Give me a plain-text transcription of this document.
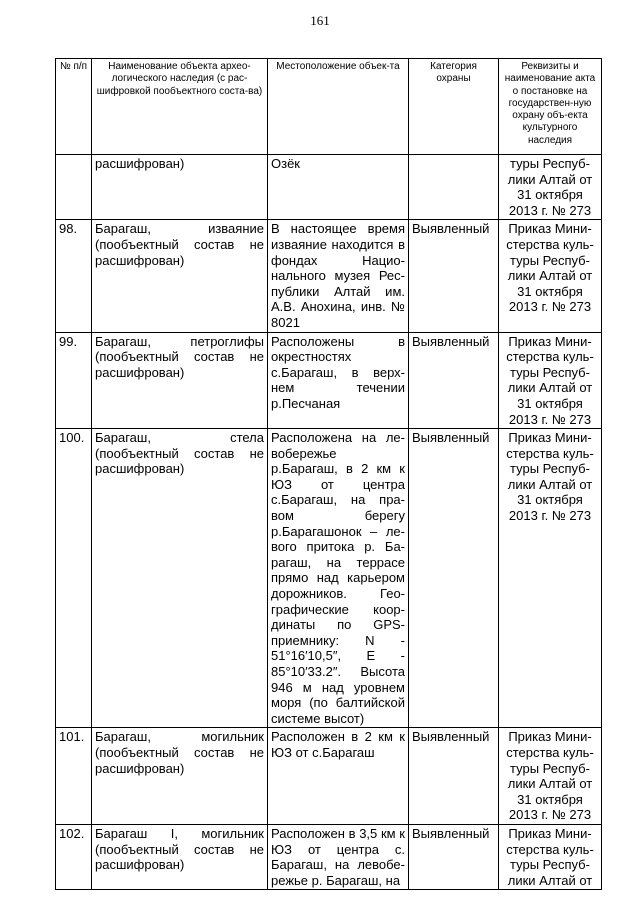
161
№ п/п	Наименование объекта архео-логического наследия (с рас-шифровкой пообъектного соста-ва)	Местоположение объек-та	Категория охраны	Реквизиты и наименование акта о постановке на государствен-ную охрану объ-екта культурного наследия
	расшифрован)	Озёк		туры Респуб-лики Алтай от 31 октября 2013 г. № 273
98.	Барагаш, изваяние (пообъектный состав не расшифрован)	В настоящее время изваяние находится в фондах Нацио-нального музея Рес-публики Алтай им. А.В. Анохина, инв. № 8021	Выявленный	Приказ Мини-стерства куль-туры Респуб-лики Алтай от 31 октября 2013 г. № 273
99.	Барагаш, петроглифы (пообъектный состав не расшифрован)	Расположены в окрестностях с.Барагаш, в верх-нем течении р.Песчаная	Выявленный	Приказ Мини-стерства куль-туры Респуб-лики Алтай от 31 октября 2013 г. № 273
100.	Барагаш, стела (пообъектный состав не расшифрован)	Расположена на ле-вобережье р.Барагаш, в 2 км к ЮЗ от центра с.Барагаш, на пра-вом берегу р.Барагашонок – ле-вого притока р. Ба-рагаш, на террасе прямо над карьером дорожников. Гео-графические коор-динаты по GPS-приемнику: N - 51°16′10,5″, E - 85°10′33.2″. Высота 946 м над уровнем моря (по балтийской системе высот)	Выявленный	Приказ Мини-стерства куль-туры Респуб-лики Алтай от 31 октября 2013 г. № 273
101.	Барагаш, могильник (пообъектный состав не расшифрован)	Расположен в 2 км к ЮЗ от с.Барагаш	Выявленный	Приказ Мини-стерства куль-туры Респуб-лики Алтай от 31 октября 2013 г. № 273
102.	Барагаш I, могильник (пообъектный состав не расшифрован)	Расположен в 3,5 км к ЮЗ от центра с. Барагаш, на левобе-режье р. Барагаш, на	Выявленный	Приказ Мини-стерства куль-туры Респуб-лики Алтай от
